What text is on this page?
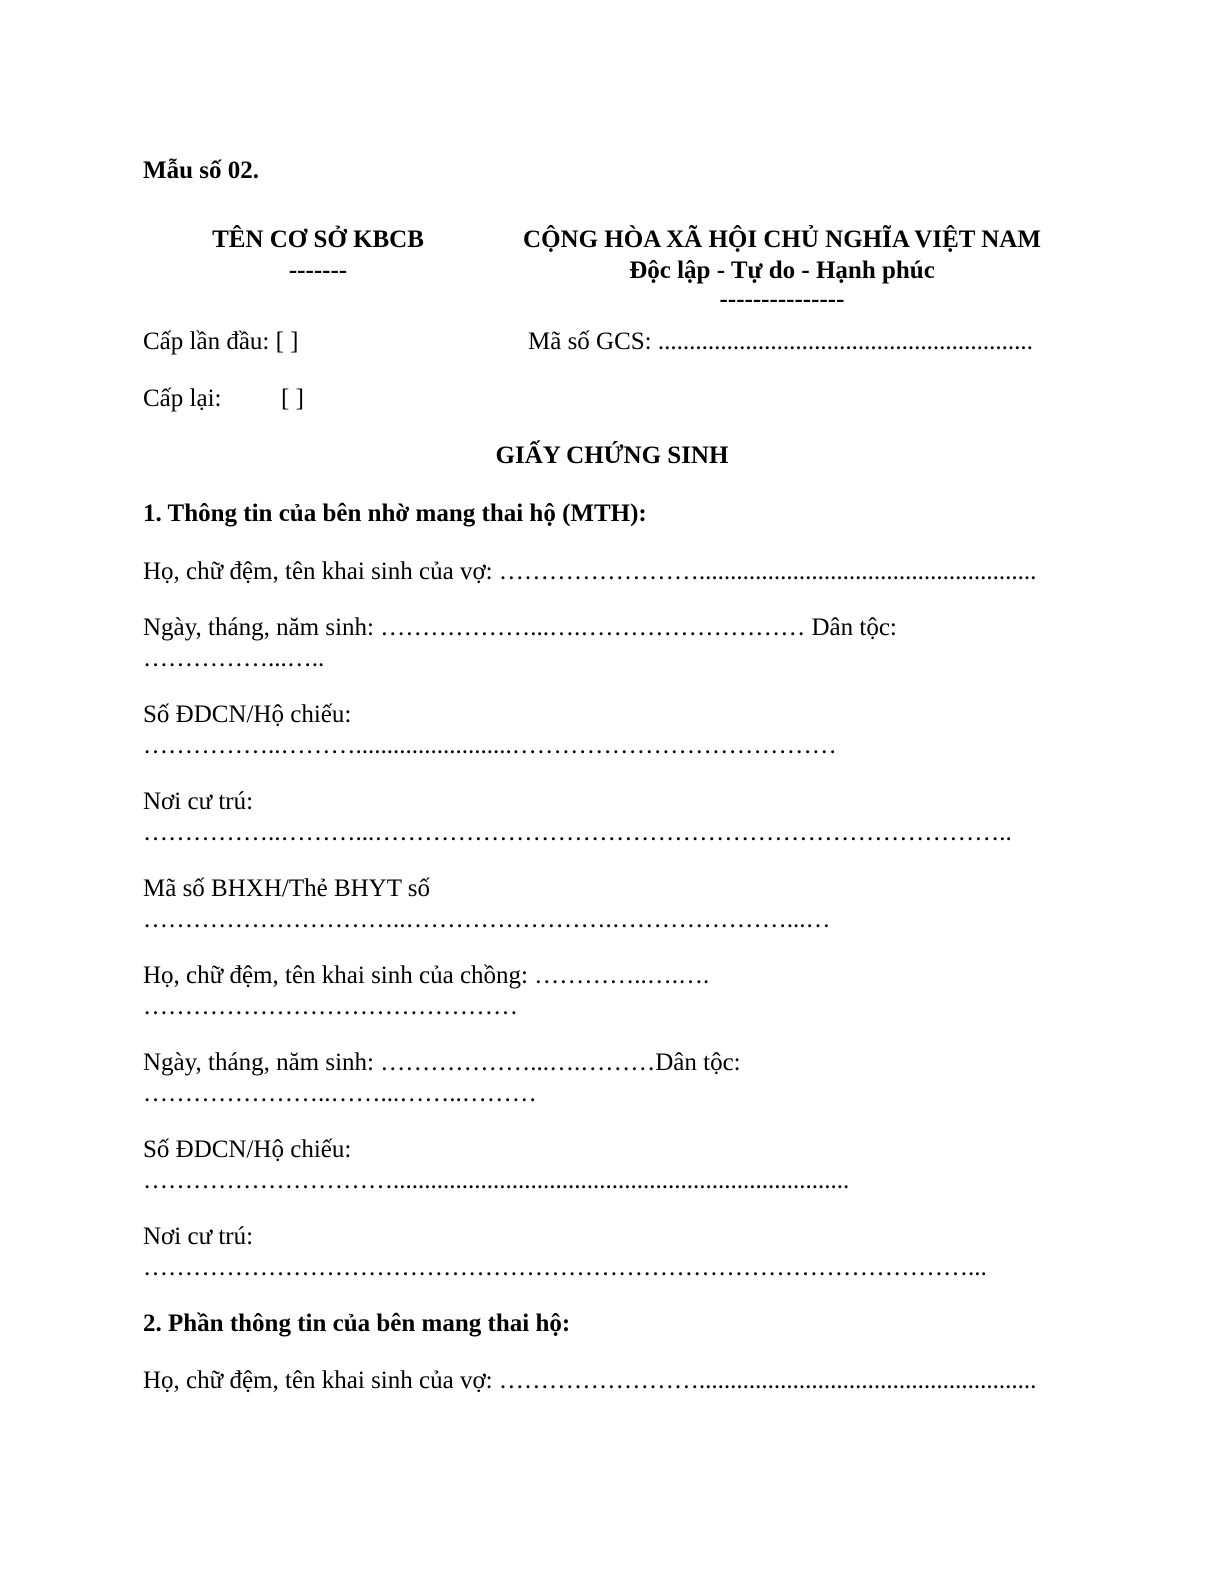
Mẫu số 02.
TÊN CƠ SỞ KBCB
-------
CỘNG HÒA XÃ HỘI CHỦ NGHĨA VIỆT NAM
Độc lập - Tự do - Hạnh phúc
---------------
Cấp lần đầu: [ ]	Mã số GCS: ............................................................
Cấp lại: [ ]
GIẤY CHỨNG SINH
1. Thông tin của bên nhờ mang thai hộ (MTH):
Họ, chữ đệm, tên khai sinh của vợ: ……………………......................................................
Ngày, tháng, năm sinh: ………………...….……………………… Dân tộc:
……………...…..
Số ĐDCN/Hộ chiếu:
……………..……….........................…………………………………
Nơi cư trú:
……………..………...…………………………………………………………………..
Mã số BHXH/Thẻ BHYT số
…………………………..…………………….…………………...…
Họ, chữ đệm, tên khai sinh của chồng: …………..….….
………………………………………
Ngày, tháng, năm sinh: ………………...….………Dân tộc:
…………………..……...……..………
Số ĐDCN/Hộ chiếu:
………………………….........................................................................
Nơi cư trú:
………………………………………………………………………………………...
2. Phần thông tin của bên mang thai hộ:
Họ, chữ đệm, tên khai sinh của vợ: ……………………......................................................
